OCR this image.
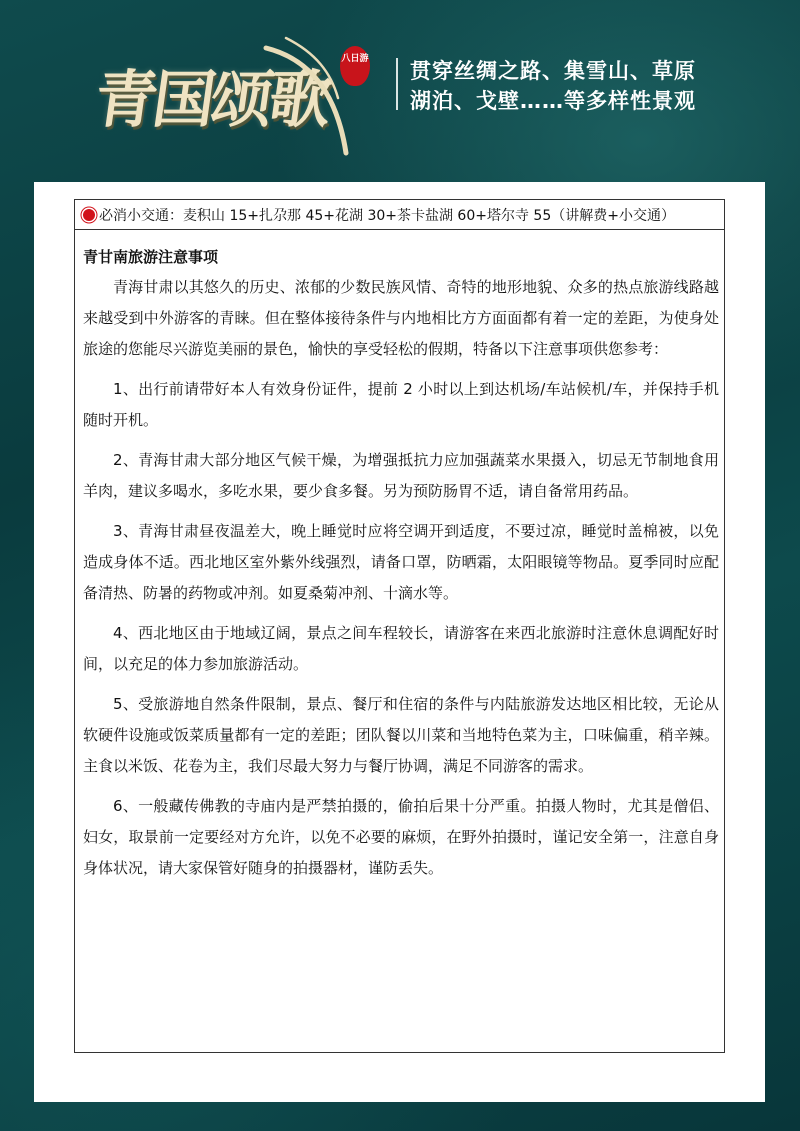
青国颂歌
八日游 贯穿丝绸之路、集雪山、草原
湖泊、戈壁……等多样性景观
必消小交通：麦积山 15+扎尕那 45+花湖 30+茶卡盐湖 60+塔尔寺 55（讲解费+小交通）
青甘南旅游注意事项

青海甘肃以其悠久的历史、浓郁的少数民族风情、奇特的地形地貌、众多的热点旅游线路越来越受到中外游客的青睐。但在整体接待条件与内地相比方方面面都有着一定的差距，为使身处旅途的您能尽兴游览美丽的景色，愉快的享受轻松的假期，特备以下注意事项供您参考：

1、出行前请带好本人有效身份证件，提前 2 小时以上到达机场/车站候机/车，并保持手机随时开机。

2、青海甘肃大部分地区气候干燥，为增强抵抗力应加强蔬菜水果摄入，切忌无节制地食用羊肉，建议多喝水，多吃水果，要少食多餐。另为预防肠胃不适，请自备常用药品。

3、青海甘肃昼夜温差大，晚上睡觉时应将空调开到适度，不要过凉，睡觉时盖棉被，以免造成身体不适。西北地区室外紫外线强烈，请备口罩，防晒霜，太阳眼镜等物品。夏季同时应配备清热、防暑的药物或冲剂。如夏桑菊冲剂、十滴水等。

4、西北地区由于地域辽阔，景点之间车程较长，请游客在来西北旅游时注意休息调配好时间，以充足的体力参加旅游活动。

5、受旅游地自然条件限制，景点、餐厅和住宿的条件与内陆旅游发达地区相比较，无论从软硬件设施或饭菜质量都有一定的差距；团队餐以川菜和当地特色菜为主，口味偏重，稍辛辣。主食以米饭、花卷为主，我们尽最大努力与餐厅协调，满足不同游客的需求。

6、一般藏传佛教的寺庙内是严禁拍摄的，偷拍后果十分严重。拍摄人物时，尤其是僧侣、妇女，取景前一定要经对方允许，以免不必要的麻烦，在野外拍摄时，谨记安全第一，注意自身身体状况，请大家保管好随身的拍摄器材，谨防丢失。
